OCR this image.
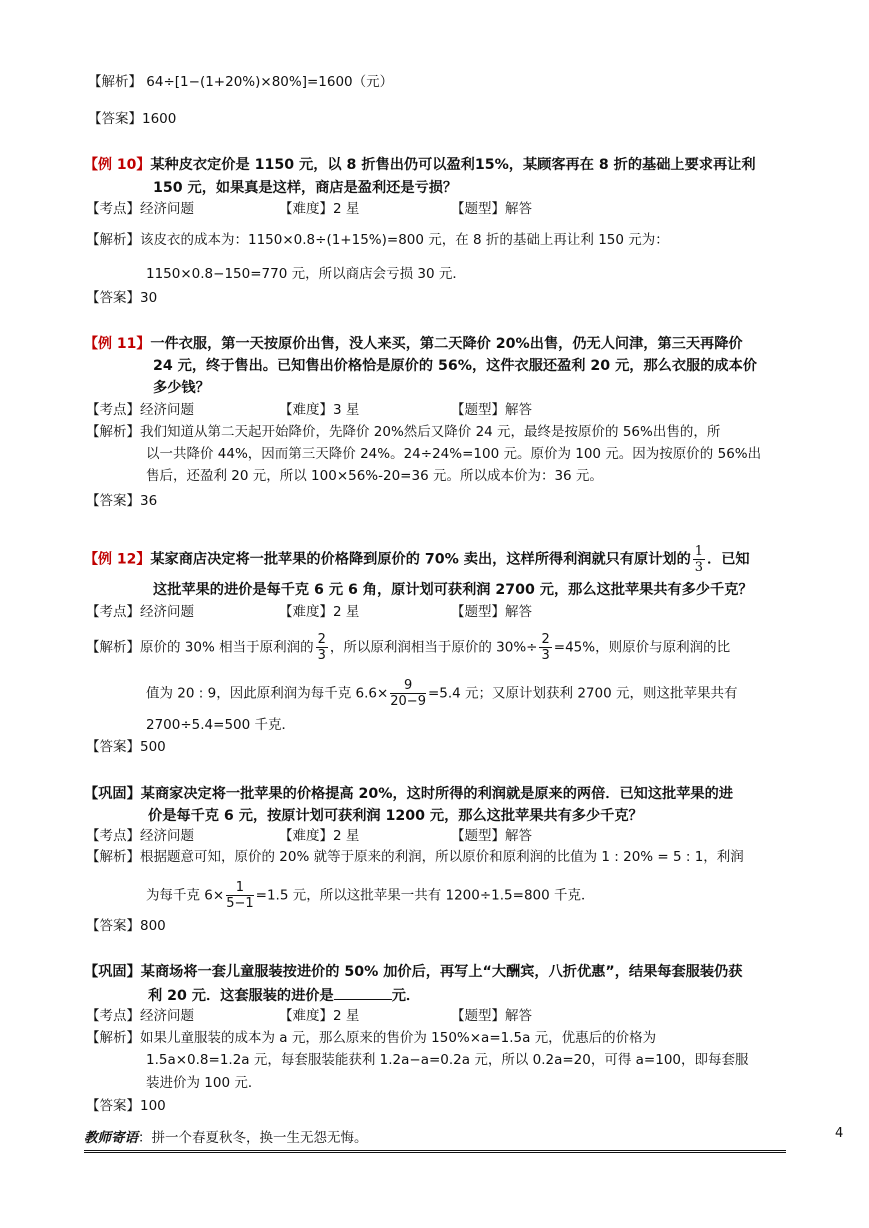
【解析】 64÷[1−(1+20%)×80%]=1600（元）
【答案】1600
【例 10】某种皮衣定价是 1150 元，以 8 折售出仍可以盈利15%，某顾客再在 8 折的基础上要求再让利
150 元，如果真是这样，商店是盈利还是亏损？
【考点】经济问题	【难度】2 星	【题型】解答
【解析】该皮衣的成本为：1150×0.8÷(1+15%)=800 元，在 8 折的基础上再让利 150 元为：
1150×0.8−150=770 元，所以商店会亏损 30 元．
【答案】30
【例 11】一件衣服，第一天按原价出售，没人来买，第二天降价 20%出售，仍无人问津，第三天再降价
24 元，终于售出。已知售出价格恰是原价的 56%，这件衣服还盈利 20 元，那么衣服的成本价
多少钱？
【考点】经济问题	【难度】3 星	【题型】解答
【解析】我们知道从第二天起开始降价，先降价 20%然后又降价 24 元，最终是按原价的 56%出售的，所
以一共降价 44%，因而第三天降价 24%。24÷24%=100 元。原价为 100 元。因为按原价的 56%出
售后，还盈利 20 元，所以 100×56%-20=36 元。所以成本价为：36 元。
【答案】36
【例 12】某家商店决定将一批苹果的价格降到原价的 70% 卖出，这样所得利润就只有原计划的 $\frac{1}{3}$ ．已知
这批苹果的进价是每千克 6 元 6 角，原计划可获利润 2700 元，那么这批苹果共有多少千克？
【考点】经济问题	【难度】2 星	【题型】解答
【解析】原价的 30% 相当于原利润的 $\frac{2}{3}$ ，所以原利润相当于原价的 $30\%\div \frac{2}{3} =45\%$，则原价与原利润的比
值为 20 : 9，因此原利润为每千克 $6.6\times \frac{9}{20-9} =5.4$ 元；又原计划获利 2700 元，则这批苹果共有
2700÷5.4=500 千克．
【答案】500
【巩固】某商家决定将一批苹果的价格提高 20%，这时所得的利润就是原来的两倍．已知这批苹果的进
价是每千克 6 元，按原计划可获利润 1200 元，那么这批苹果共有多少千克？
【考点】经济问题	【难度】2 星	【题型】解答
【解析】根据题意可知，原价的 20% 就等于原来的利润，所以原价和原利润的比值为 1 : 20% = 5 : 1，利润
为每千克 $6\times \frac{1}{5-1} =1.5$ 元，所以这批苹果一共有 1200÷1.5=800 千克．
【答案】800
【巩固】某商场将一套儿童服装按进价的 50% 加价后，再写上“大酬宾，八折优惠”，结果每套服装仍获
利 20 元．这套服装的进价是	元．
【考点】经济问题	【难度】2 星	【题型】解答
【解析】如果儿童服装的成本为 a 元，那么原来的售价为 150%×a=1.5a 元，优惠后的价格为
1.5a×0.8=1.2a 元，每套服装能获利 1.2a−a=0.2a 元，所以 0.2a=20，可得 a=100，即每套服
装进价为 100 元．
【答案】100
教师寄语：拼一个春夏秋冬，换一生无怨无悔。	4
